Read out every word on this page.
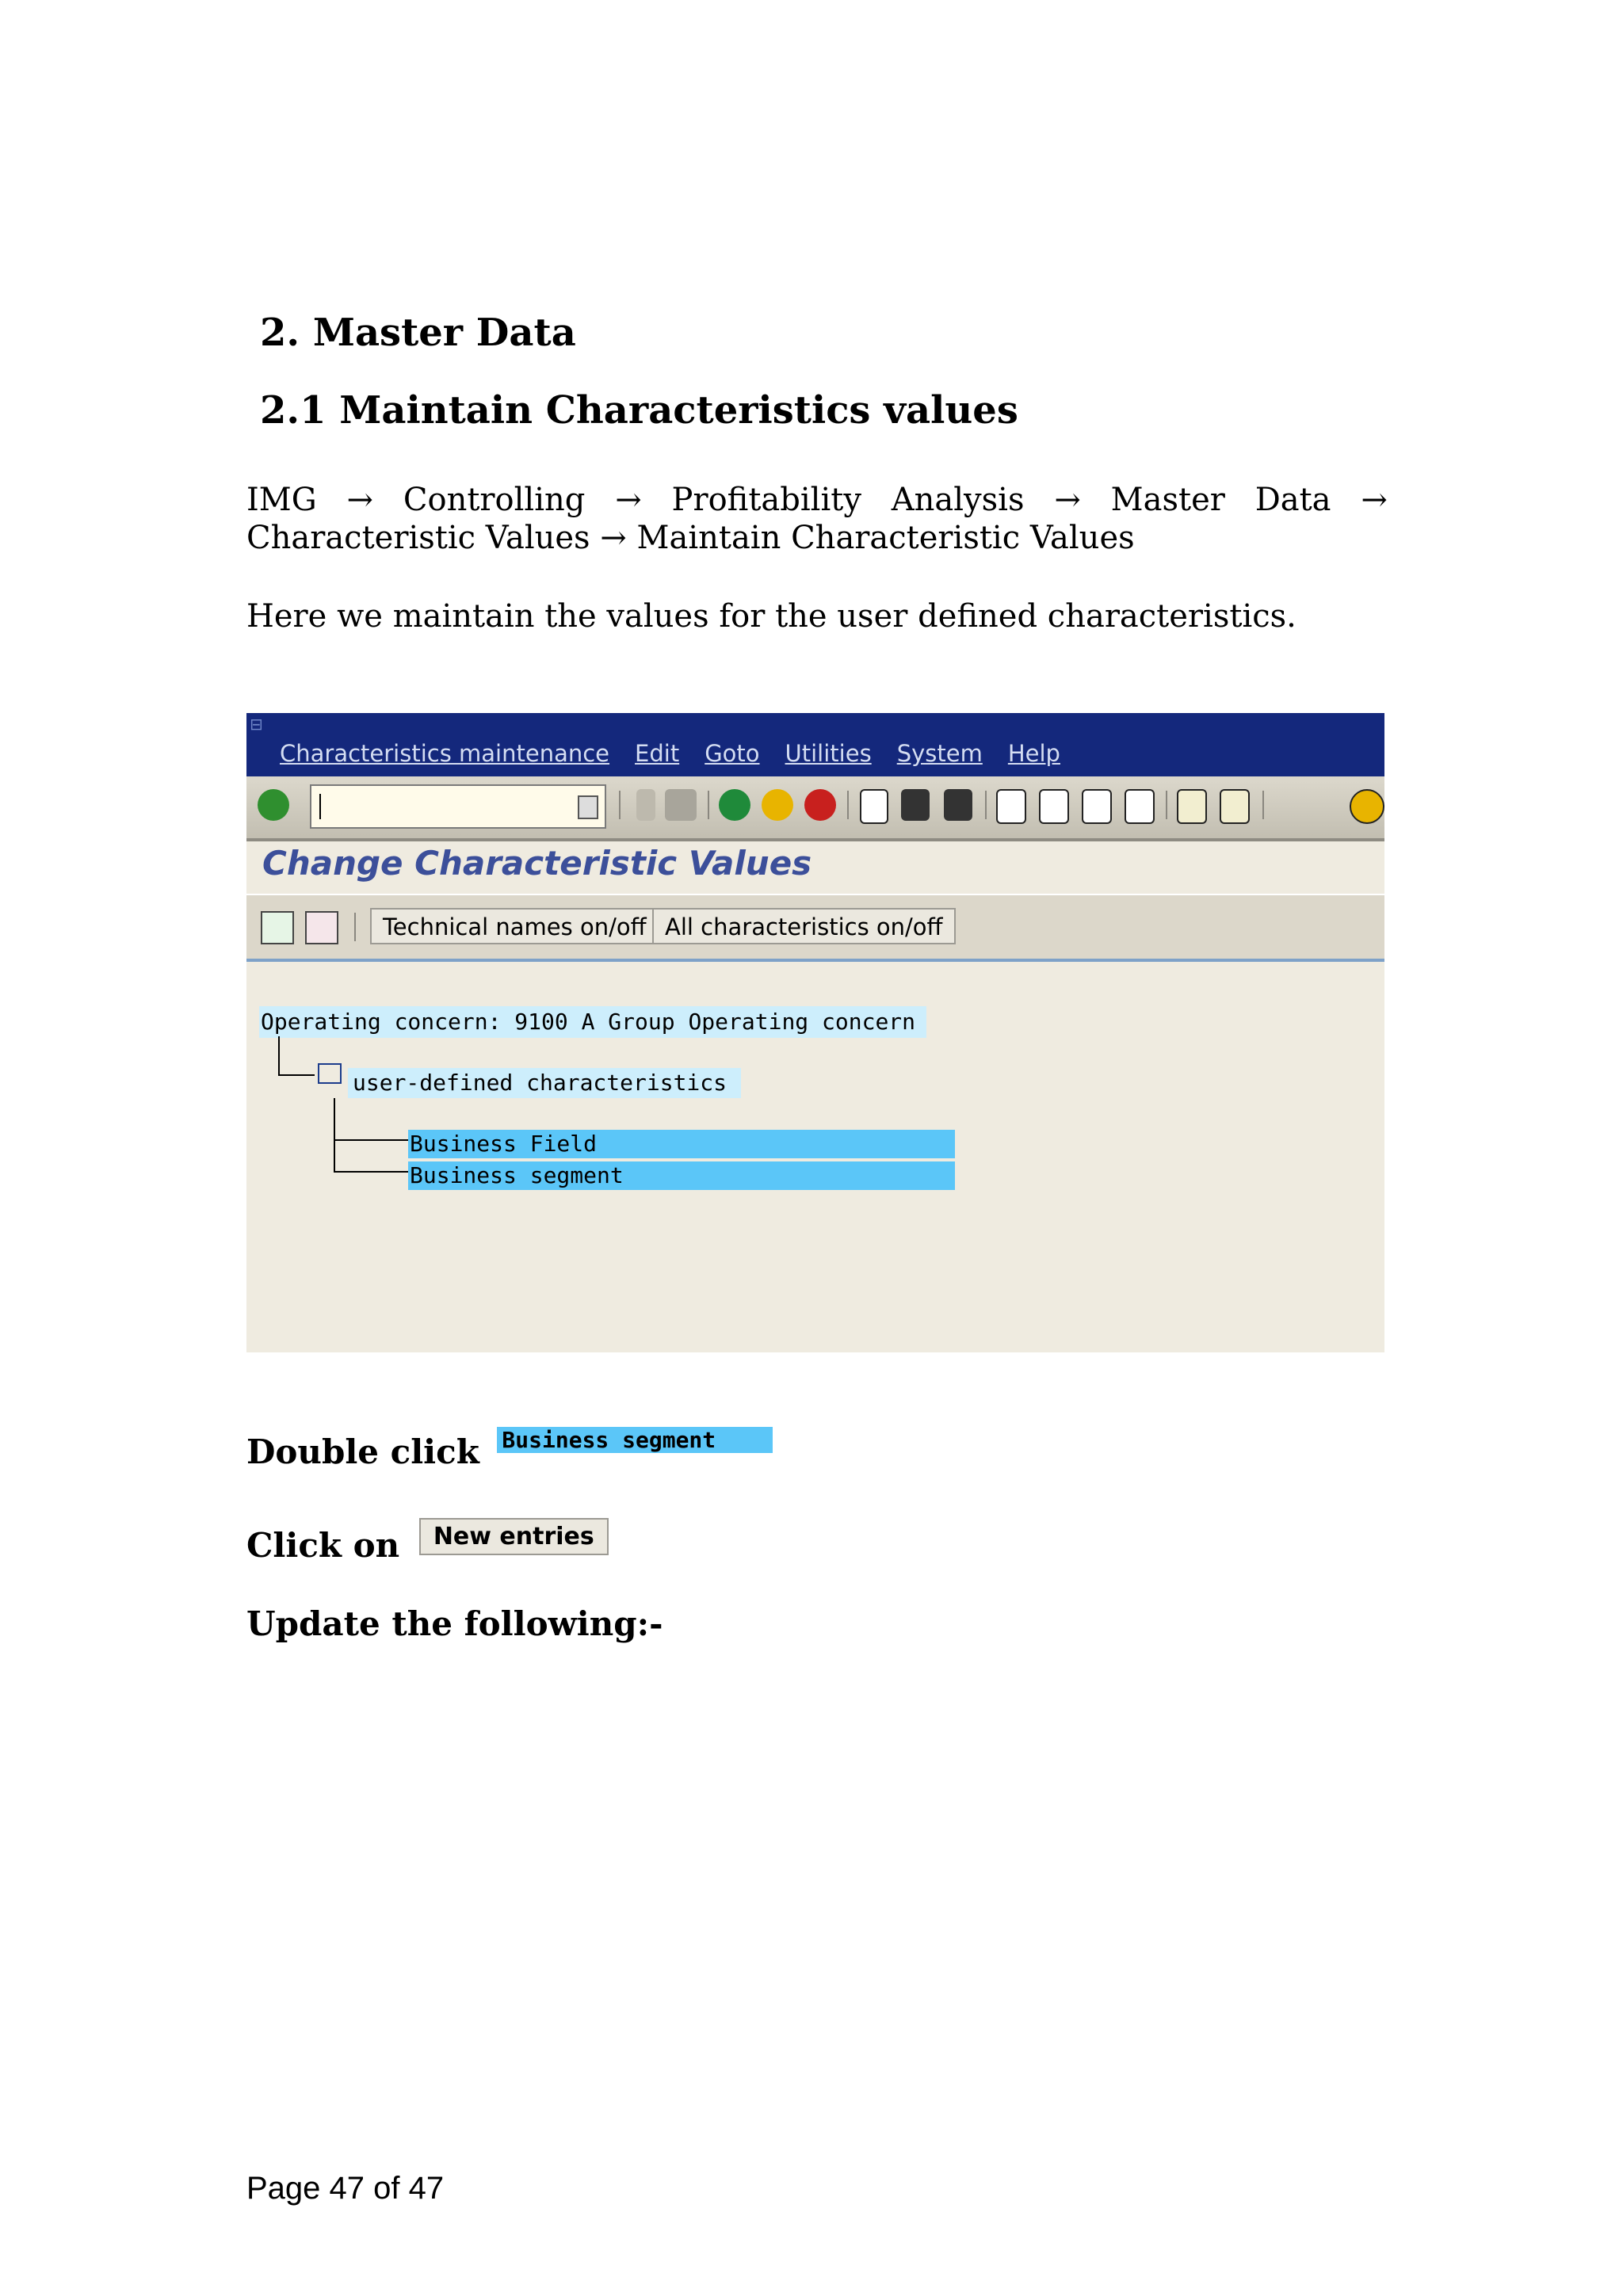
2. Master Data
2.1 Maintain Characteristics values
IMG → Controlling → Profitability Analysis → Master Data →
Characteristic Values → Maintain Characteristic Values
Here we maintain the values for the user defined characteristics.
⊟
Characteristics maintenance Edit Goto Utilities System Help
Change Characteristic Values
Technical names on/off All characteristics on/off
Operating concern: 9100 A Group Operating concern
user-defined characteristics
Business Field
Business segment
Double click Business segment
Click on $^{New entries}$
Update the following:-
Page 47 of 47
